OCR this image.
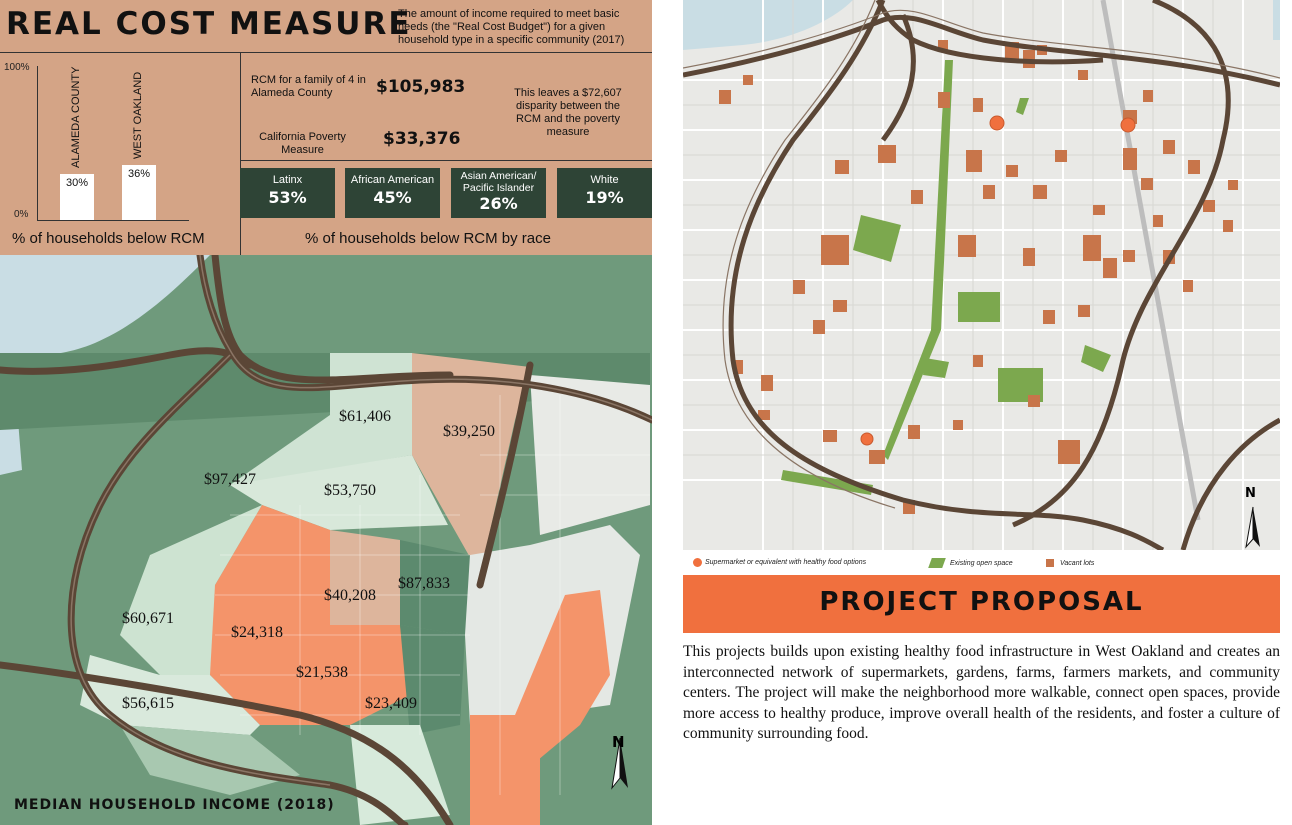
REAL COST MEASURE
The amount of income required to meet basic needs (the "Real Cost Budget") for a given household type in a specific community (2017)
100%
0%
30%
ALAMEDA COUNTY
36%
WEST OAKLAND
% of households below RCM
RCM for a family of 4 in Alameda County	$105,983
California Poverty Measure
$33,376
This leaves a $72,607 disparity between the RCM and the poverty measure
Latinx
53%
African American
45%
Asian American/ Pacific Islander
26%
White
19%
% of households below RCM by race
$61,406
$39,250
$97,427
$53,750
$87,833
$40,208
$60,671
$24,318
$21,538
$56,615	$23,409
N
MEDIAN HOUSEHOLD INCOME (2018)
N
Supermarket or equivalent with healthy food options	Existing open space	Vacant lots
PROJECT PROPOSAL
This projects builds upon existing healthy food infrastructure in West Oakland and creates an interconnected network of supermarkets, gardens, farms, farmers markets, and community centers. The project will make the neighborhood more walkable, connect open spaces, provide more access to healthy produce, improve overall health of the residents, and foster a culture of community surrounding food.
